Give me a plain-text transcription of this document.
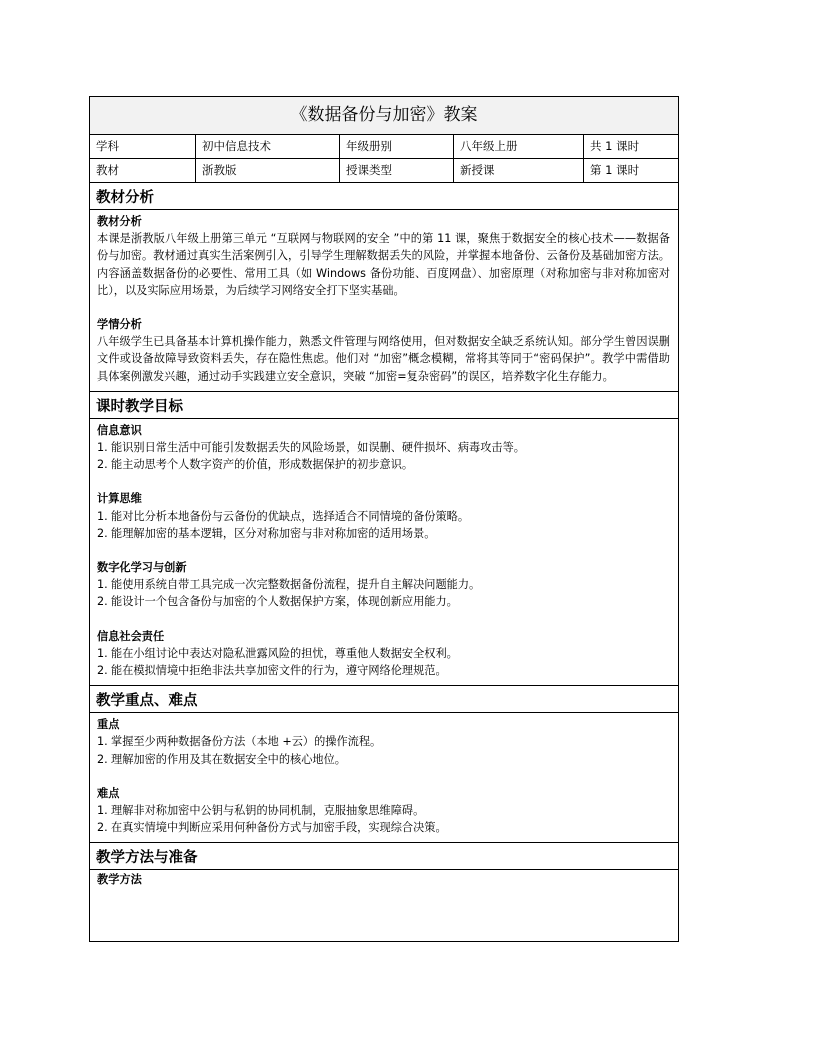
《数据备份与加密》教案
学科	初中信息技术	年级册别	八年级上册	共 1 课时
教材	浙教版	授课类型	新授课	第 1 课时
教材分析
教材分析

本课是浙教版八年级上册第三单元 “互联网与物联网的安全 ”中的第 11 课，聚焦于数据安全的核心技术——数据备份与加密。教材通过真实生活案例引入，引导学生理解数据丢失的风险，并掌握本地备份、云备份及基础加密方法。内容涵盖数据备份的必要性、常用工具（如 Windows 备份功能、百度网盘）、加密原理（对称加密与非对称加密对比），以及实际应用场景，为后续学习网络安全打下坚实基础。

学情分析

八年级学生已具备基本计算机操作能力，熟悉文件管理与网络使用，但对数据安全缺乏系统认知。部分学生曾因误删文件或设备故障导致资料丢失，存在隐性焦虑。他们对 “加密”概念模糊，常将其等同于“密码保护”。教学中需借助具体案例激发兴趣，通过动手实践建立安全意识，突破 “加密=复杂密码”的误区，培养数字化生存能力。

课时教学目标
信息意识

1. 能识别日常生活中可能引发数据丢失的风险场景，如误删、硬件损坏、病毒攻击等。

2. 能主动思考个人数字资产的价值，形成数据保护的初步意识。

计算思维

1. 能对比分析本地备份与云备份的优缺点，选择适合不同情境的备份策略。

2. 能理解加密的基本逻辑，区分对称加密与非对称加密的适用场景。

数字化学习与创新

1. 能使用系统自带工具完成一次完整数据备份流程，提升自主解决问题能力。

2. 能设计一个包含备份与加密的个人数据保护方案，体现创新应用能力。

信息社会责任

1. 能在小组讨论中表达对隐私泄露风险的担忧，尊重他人数据安全权利。

2. 能在模拟情境中拒绝非法共享加密文件的行为，遵守网络伦理规范。

教学重点、难点
重点

1. 掌握至少两种数据备份方法（本地 +云）的操作流程。

2. 理解加密的作用及其在数据安全中的核心地位。

难点

1. 理解非对称加密中公钥与私钥的协同机制，克服抽象思维障碍。

2. 在真实情境中判断应采用何种备份方式与加密手段，实现综合决策。

教学方法与准备
教学方法
